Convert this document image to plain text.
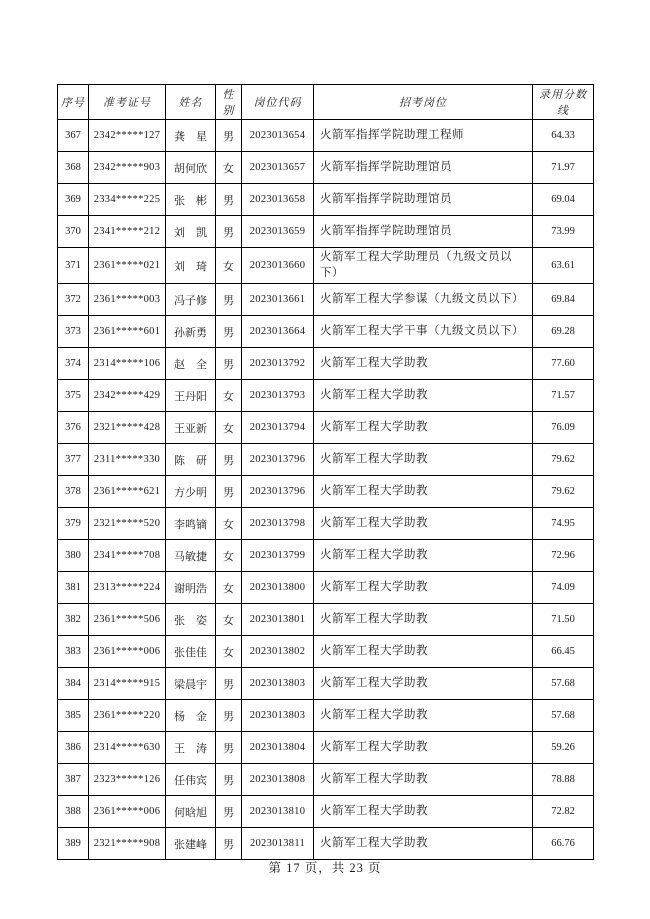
序号	准考证号	姓名	性别	岗位代码	招考岗位	录用分数线
367	2342*****127	龚　星	男	2023013654	火箭军指挥学院助理工程师	64.33
368	2342*****903	胡何欣	女	2023013657	火箭军指挥学院助理馆员	71.97
369	2334*****225	张　彬	男	2023013658	火箭军指挥学院助理馆员	69.04
370	2341*****212	刘　凯	男	2023013659	火箭军指挥学院助理馆员	73.99
371	2361*****021	刘　琦	女	2023013660	火箭军工程大学助理员（九级文员以下）	63.61
372	2361*****003	冯子修	男	2023013661	火箭军工程大学参谋（九级文员以下）	69.84
373	2361*****601	孙新勇	男	2023013664	火箭军工程大学干事（九级文员以下）	69.28
374	2314*****106	赵　全	男	2023013792	火箭军工程大学助教	77.60
375	2342*****429	王丹阳	女	2023013793	火箭军工程大学助教	71.57
376	2321*****428	王亚新	女	2023013794	火箭军工程大学助教	76.09
377	2311*****330	陈　研	男	2023013796	火箭军工程大学助教	79.62
378	2361*****621	方少明	男	2023013796	火箭军工程大学助教	79.62
379	2321*****520	李鸣镝	女	2023013798	火箭军工程大学助教	74.95
380	2341*****708	马敏捷	女	2023013799	火箭军工程大学助教	72.96
381	2313*****224	谢明浩	女	2023013800	火箭军工程大学助教	74.09
382	2361*****506	张　姿	女	2023013801	火箭军工程大学助教	71.50
383	2361*****006	张佳佳	女	2023013802	火箭军工程大学助教	66.45
384	2314*****915	梁晨宇	男	2023013803	火箭军工程大学助教	57.68
385	2361*****220	杨　金	男	2023013803	火箭军工程大学助教	57.68
386	2314*****630	王　涛	男	2023013804	火箭军工程大学助教	59.26
387	2323*****126	任伟宾	男	2023013808	火箭军工程大学助教	78.88
388	2361*****006	何晗旭	男	2023013810	火箭军工程大学助教	72.82
389	2321*****908	张建峰	男	2023013811	火箭军工程大学助教	66.76
第 17 页，共 23 页
